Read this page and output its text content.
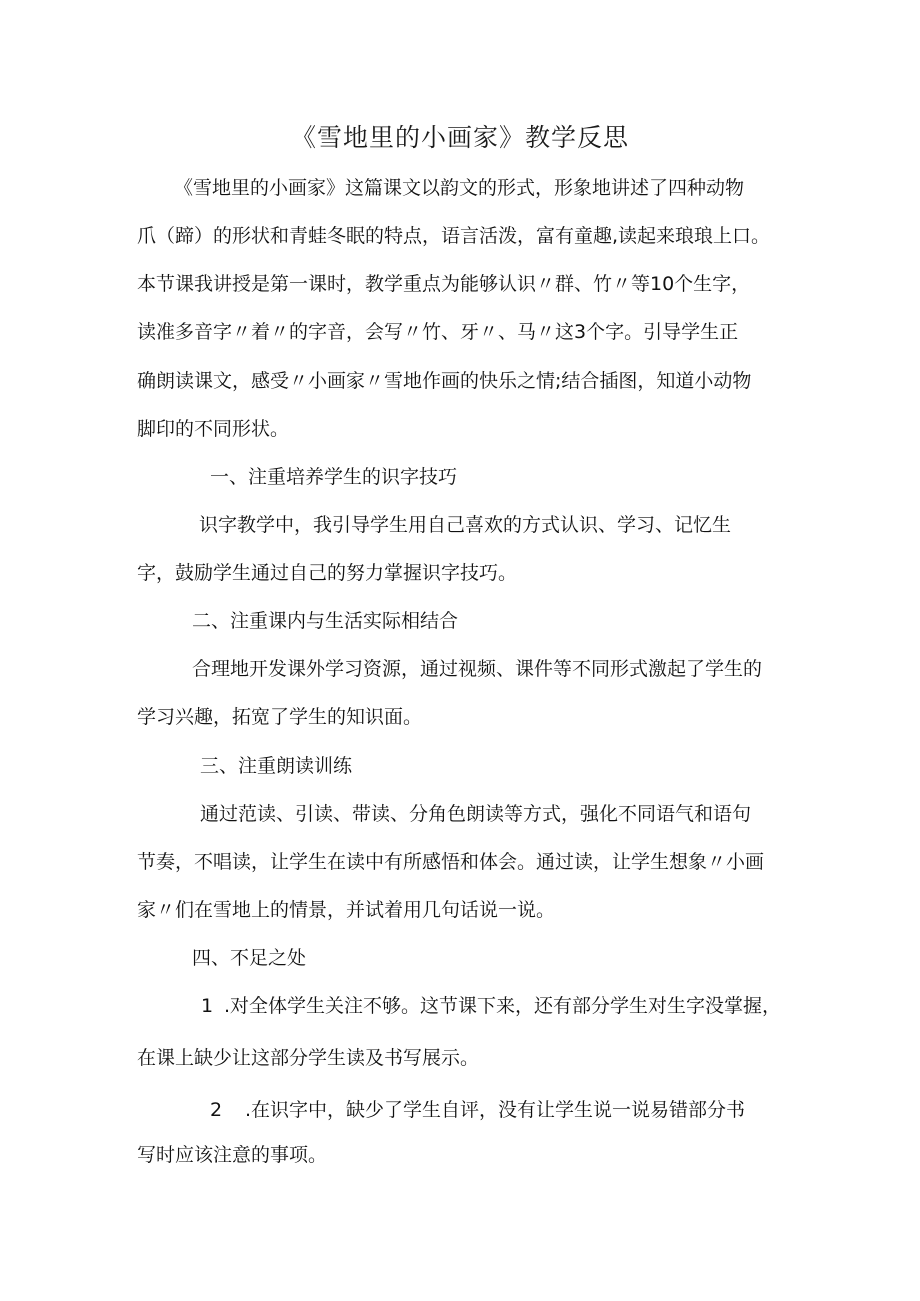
《雪地里的小画家》教学反思
《雪地里的小画家》这篇课文以韵文的形式，形象地讲述了四种动物
爪（蹄）的形状和青蛙冬眠的特点，语言活泼，富有童趣,读起来琅琅上口。
本节课我讲授是第一课时，教学重点为能够认识〃群、竹〃等10个生字，
读准多音字〃着〃的字音，会写〃竹、牙〃、马〃这3个字。引导学生正
确朗读课文，感受〃小画家〃雪地作画的快乐之情;结合插图，知道小动物
脚印的不同形状。
一、注重培养学生的识字技巧
识字教学中，我引导学生用自己喜欢的方式认识、学习、记忆生
字，鼓励学生通过自己的努力掌握识字技巧。
二、注重课内与生活实际相结合
合理地开发课外学习资源，通过视频、课件等不同形式激起了学生的
学习兴趣，拓宽了学生的知识面。
三、注重朗读训练
通过范读、引读、带读、分角色朗读等方式，强化不同语气和语句
节奏，不唱读，让学生在读中有所感悟和体会。通过读，让学生想象〃小画
家〃们在雪地上的情景，并试着用几句话说一说。
四、不足之处
1 .对全体学生关注不够。这节课下来，还有部分学生对生字没掌握，
在课上缺少让这部分学生读及书写展示。
2 .在识字中，缺少了学生自评，没有让学生说一说易错部分书
写时应该注意的事项。
